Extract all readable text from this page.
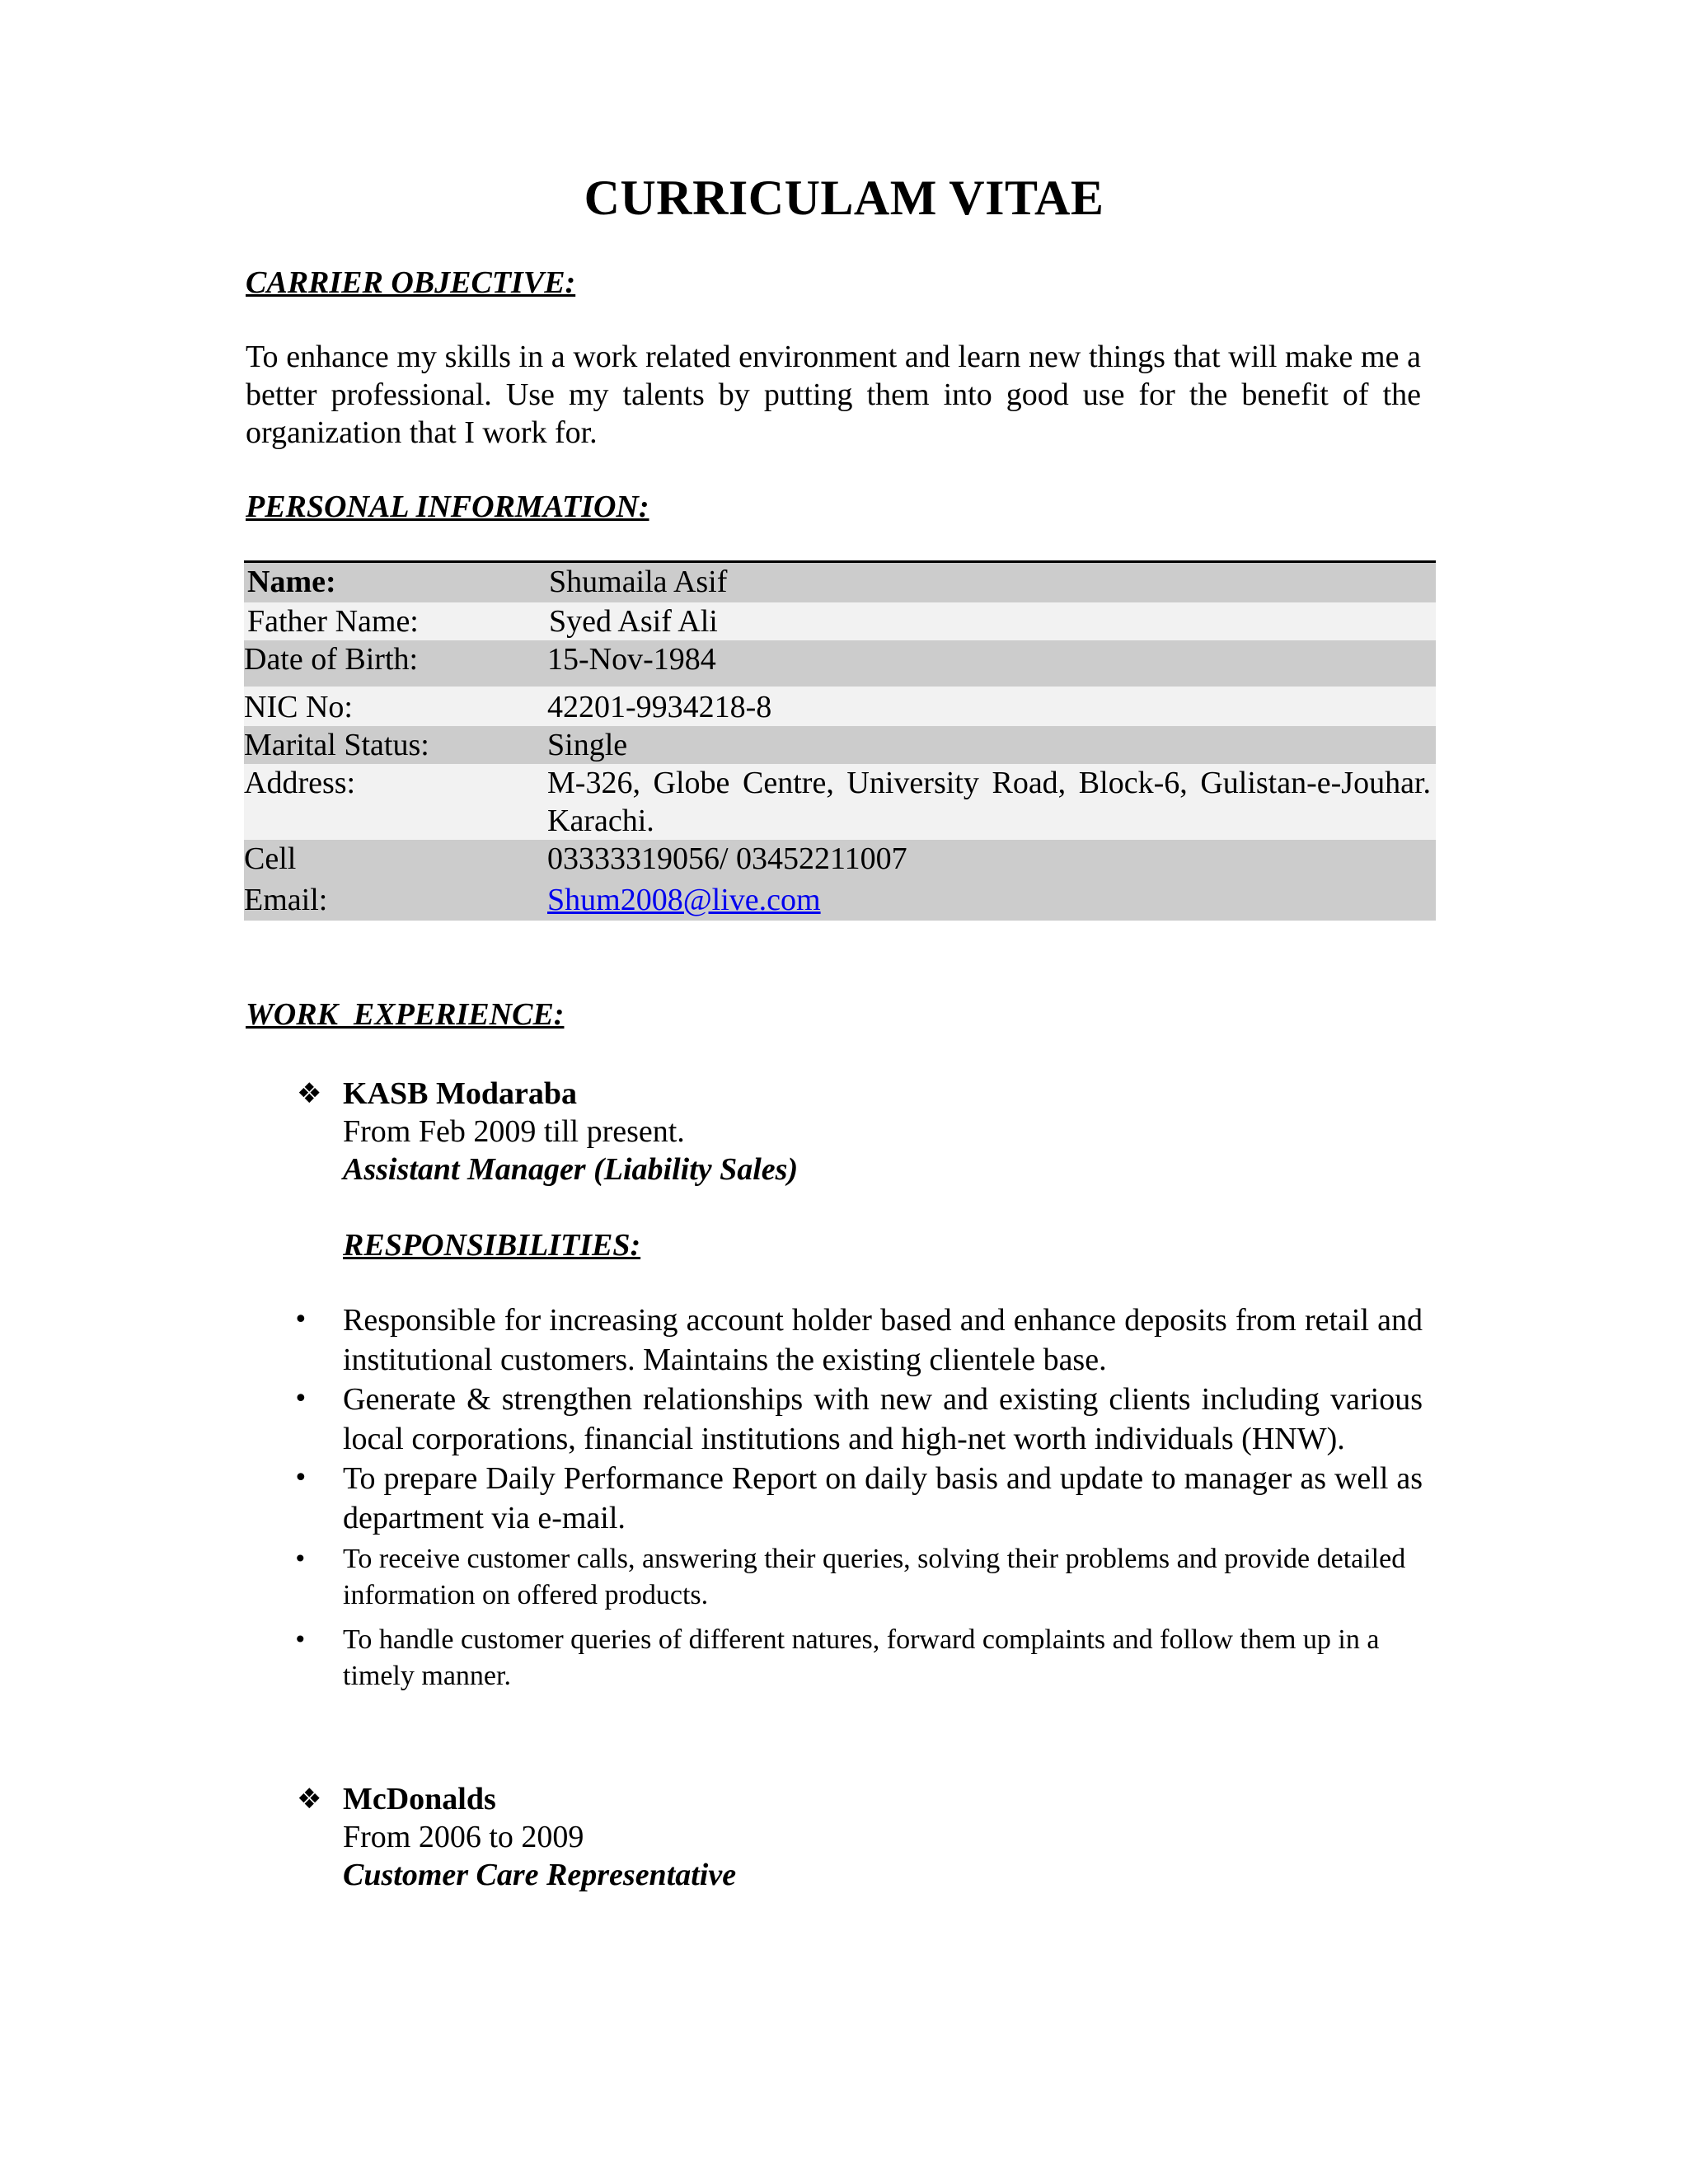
CURRICULAM VITAE
CARRIER OBJECTIVE:
To enhance my skills in a work related environment and learn new things that will make me a better professional. Use my talents by putting them into good use for the benefit of the organization that I work for.
PERSONAL INFORMATION:
Name:	Shumaila Asif
Father Name:	Syed Asif Ali
Date of Birth:	15-Nov-1984
NIC No:	42201-9934218-8
Marital Status:	Single
Address:	M-326, Globe Centre, University Road, Block-6, Gulistan-e-Jouhar. Karachi.
Cell	03333319056/ 03452211007
Email:	Shum2008@live.com
WORK  EXPERIENCE:
❖ KASB Modaraba
From Feb 2009 till present.
Assistant Manager (Liability Sales)
RESPONSIBILITIES:
• Responsible for increasing account holder based and enhance deposits from retail and institutional customers. Maintains the existing clientele base.
• Generate & strengthen relationships with new and existing clients including various local corporations, financial institutions and high-net worth individuals (HNW).
• To prepare Daily Performance Report on daily basis and update to manager as well as department via e-mail.
• To receive customer calls, answering their queries, solving their problems and provide detailed information on offered products.
• To handle customer queries of different natures, forward complaints and follow them up in a timely manner.
❖ McDonalds
From 2006 to 2009
Customer Care Representative
